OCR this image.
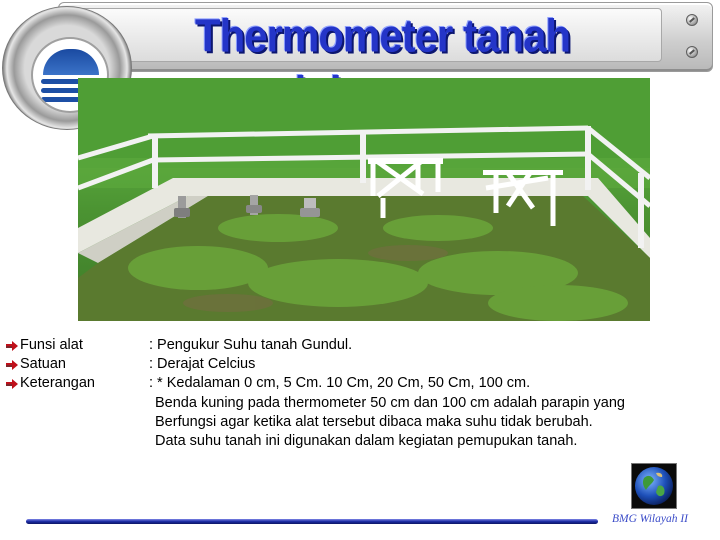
Thermometer tanah
Funsi alat	: Pengukur Suhu tanah Gundul.
Satuan	: Derajat Celcius
Keterangan	: * Kedalaman 0 cm, 5 Cm. 10 Cm, 20 Cm, 50 Cm, 100 cm.
Benda kuning pada thermometer 50 cm dan 100 cm adalah parapin yang
Berfungsi agar ketika alat tersebut dibaca maka suhu tidak berubah.
Data suhu tanah ini digunakan dalam kegiatan pemupukan tanah.
BMG Wilayah II
